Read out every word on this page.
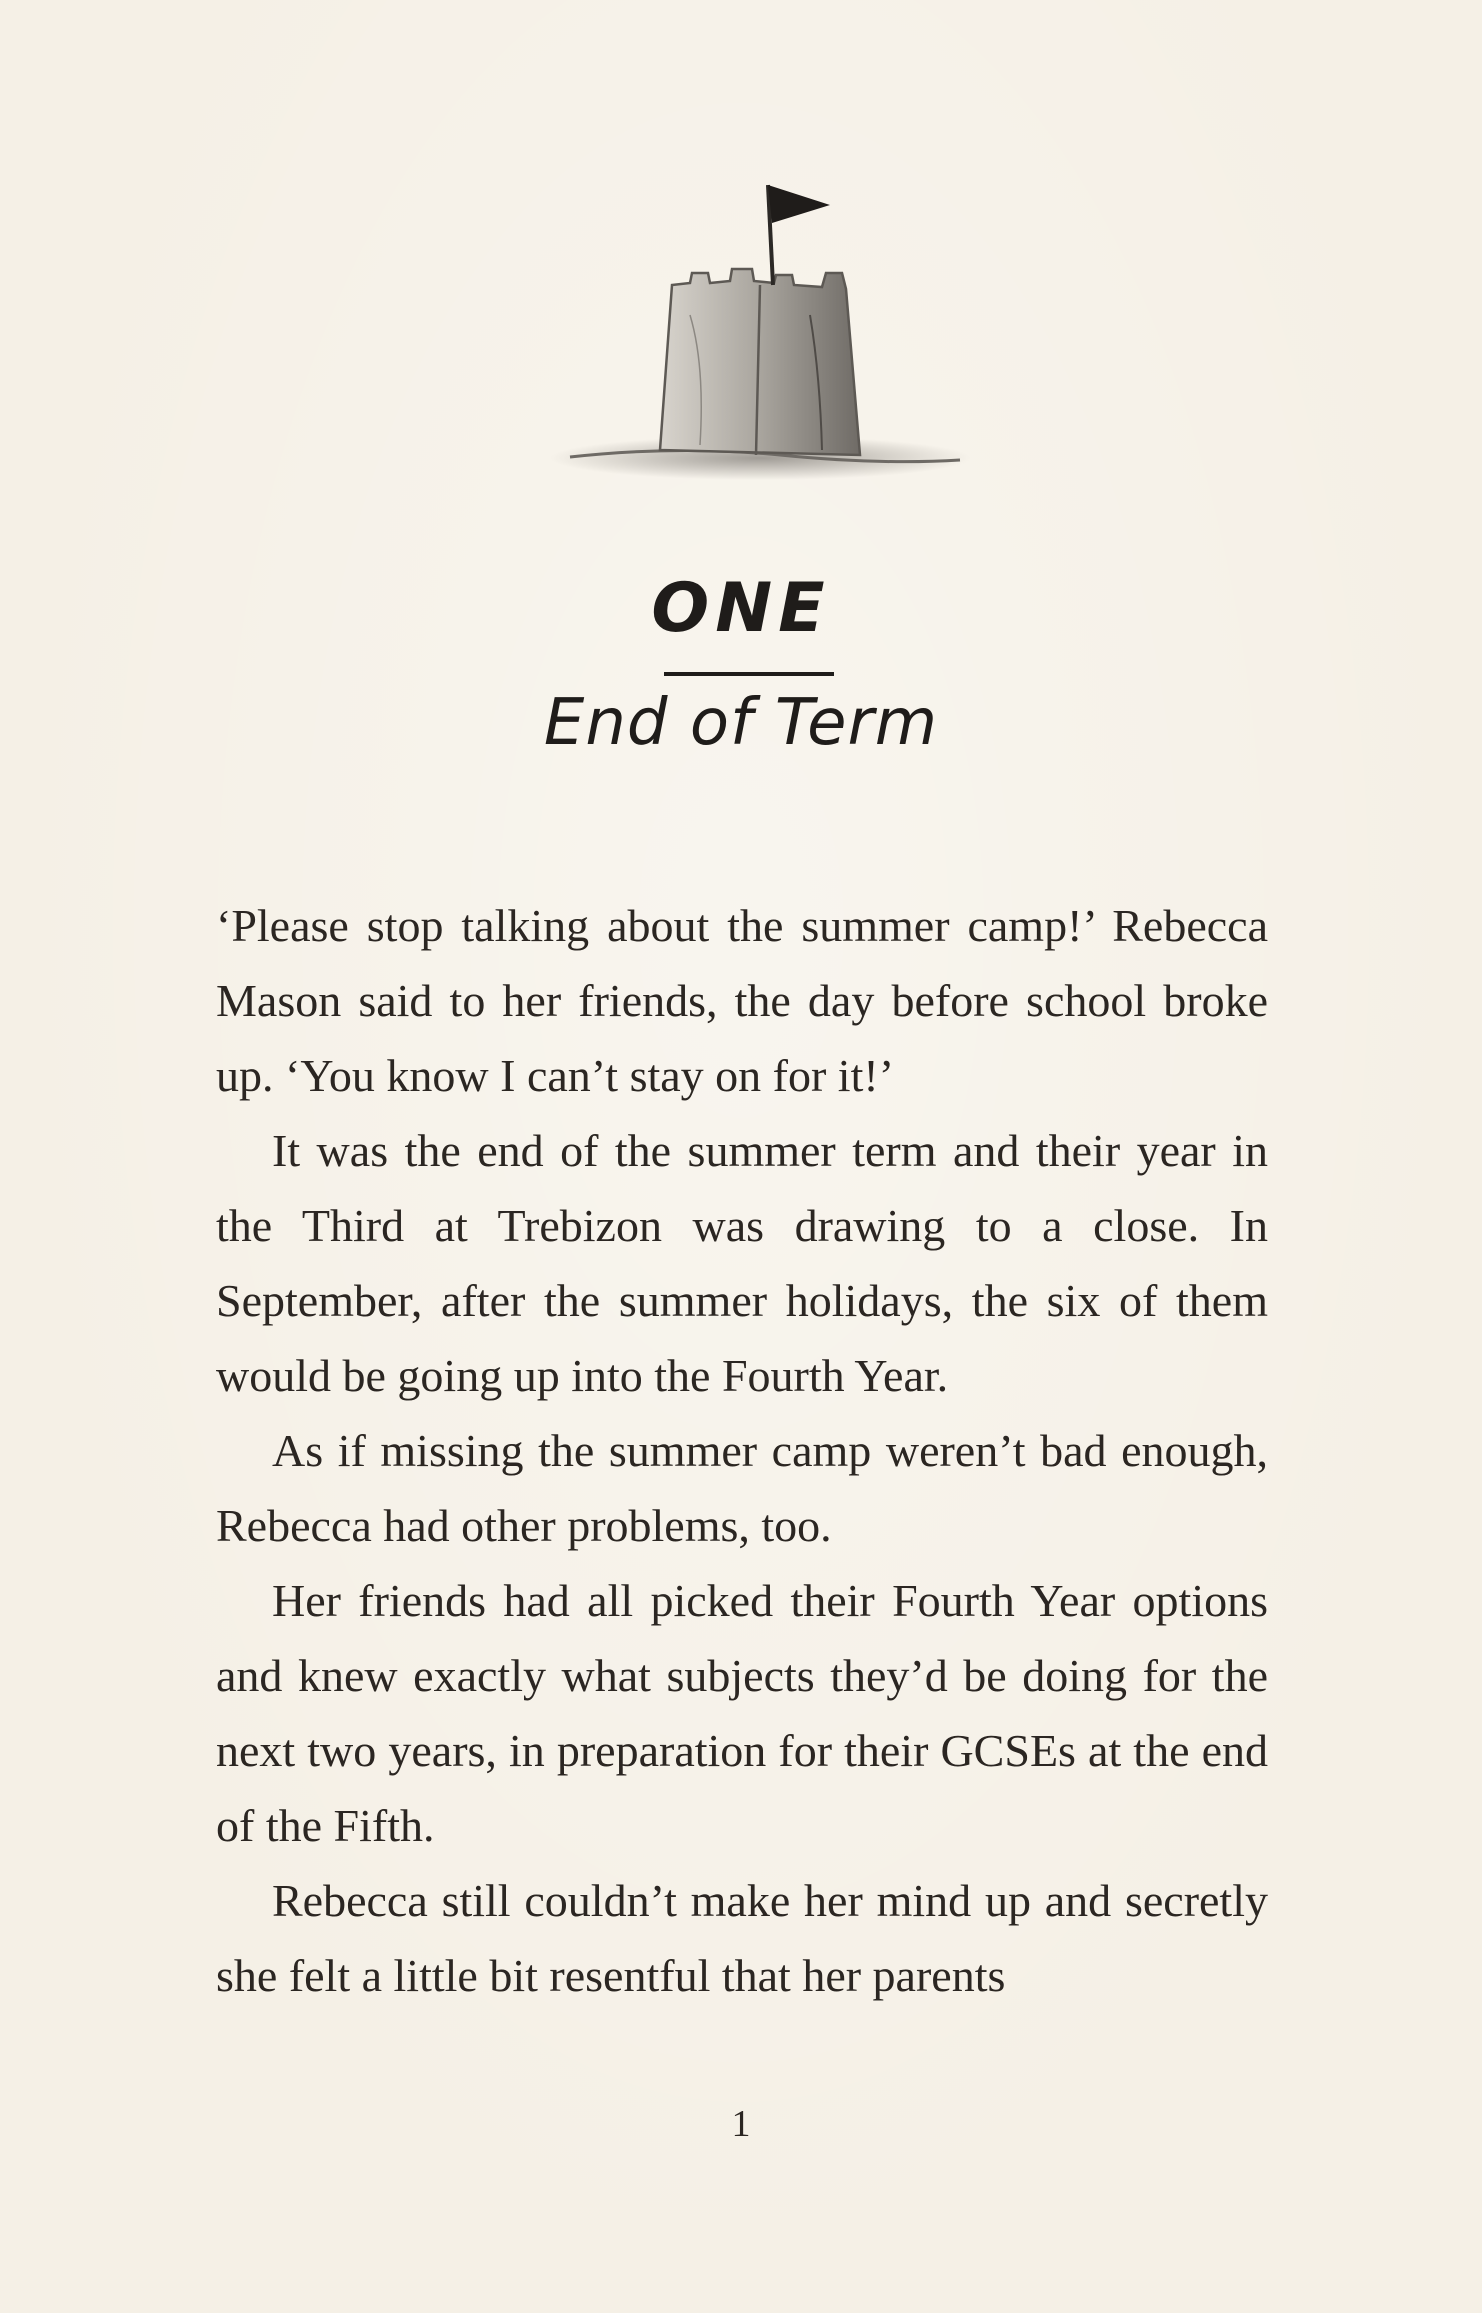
ONE
End of Term

‘Please stop talking about the summer camp!’ Rebecca Mason said to her friends, the day before school broke up. ‘You know I can’t stay on for it!’

It was the end of the summer term and their year in the Third at Trebizon was drawing to a close. In September, after the summer holidays, the six of them would be going up into the Fourth Year.

As if missing the summer camp weren’t bad enough, Rebecca had other problems, too.

Her friends had all picked their Fourth Year options and knew exactly what subjects they’d be doing for the next two years, in preparation for their GCSEs at the end of the Fifth.

Rebecca still couldn’t make her mind up and secretly she felt a little bit resentful that her parents

1
